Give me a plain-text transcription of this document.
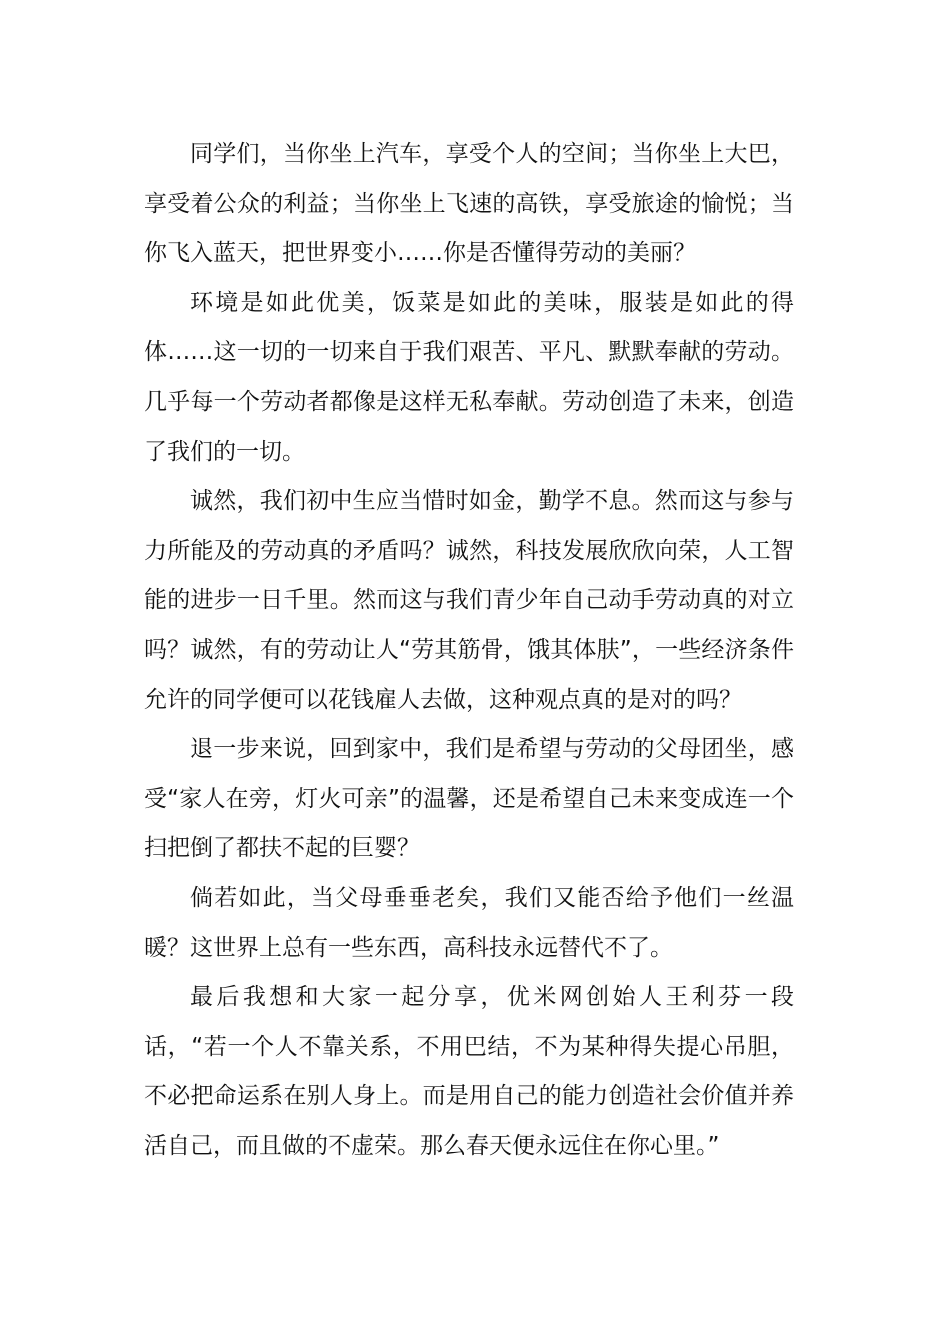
同学们，当你坐上汽车，享受个人的空间；当你坐上大巴，享受着公众的利益；当你坐上飞速的高铁，享受旅途的愉悦；当你飞入蓝天，把世界变小……你是否懂得劳动的美丽？

环境是如此优美，饭菜是如此的美味，服装是如此的得体……这一切的一切来自于我们艰苦、平凡、默默奉献的劳动。几乎每一个劳动者都像是这样无私奉献。劳动创造了未来，创造了我们的一切。

诚然，我们初中生应当惜时如金，勤学不息。然而这与参与力所能及的劳动真的矛盾吗？诚然，科技发展欣欣向荣，人工智能的进步一日千里。然而这与我们青少年自己动手劳动真的对立吗？诚然，有的劳动让人“劳其筋骨，饿其体肤”，一些经济条件允许的同学便可以花钱雇人去做，这种观点真的是对的吗？

退一步来说，回到家中，我们是希望与劳动的父母团坐，感受“家人在旁，灯火可亲”的温馨，还是希望自己未来变成连一个扫把倒了都扶不起的巨婴？

倘若如此，当父母垂垂老矣，我们又能否给予他们一丝温暖？这世界上总有一些东西，高科技永远替代不了。

最后我想和大家一起分享，优米网创始人王利芬一段话，“若一个人不靠关系，不用巴结，不为某种得失提心吊胆，不必把命运系在别人身上。而是用自己的能力创造社会价值并养活自己，而且做的不虚荣。那么春天便永远住在你心里。”
